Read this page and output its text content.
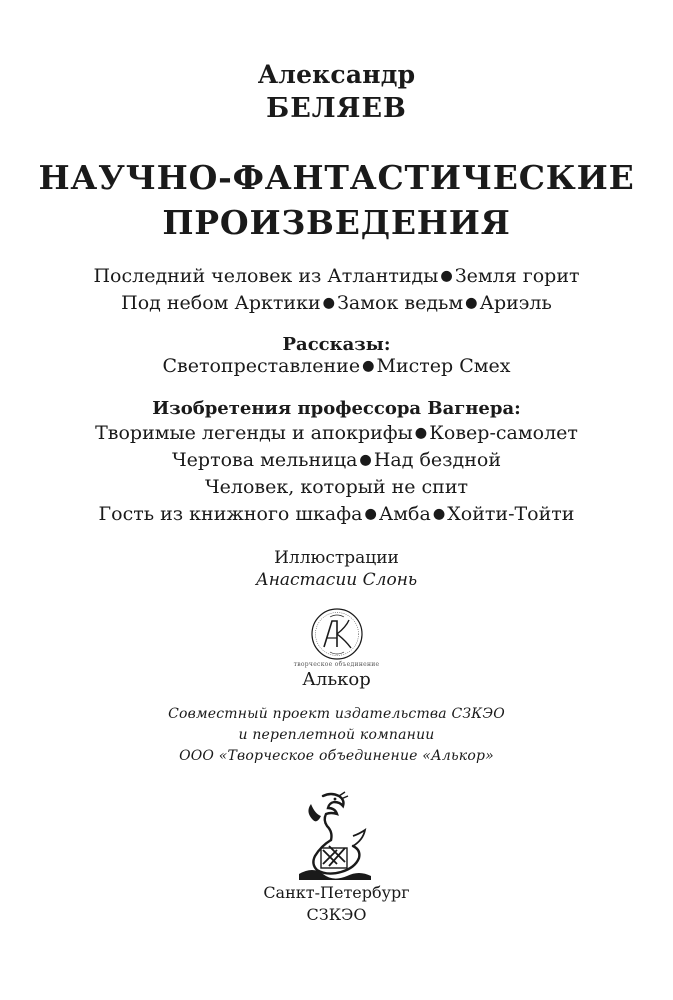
Александр
БЕЛЯЕВ
НАУЧНО-ФАНТАСТИЧЕСКИЕ
ПРОИЗВЕДЕНИЯ
Последний человек из Атлантиды●Земля горит
Под небом Арктики●Замок ведьм●Ариэль
Рассказы:
Светопреставление●Мистер Смех
Изобретения профессора Вагнера:
Творимые легенды и апокрифы●Ковер-самолет
Чертова мельница●Над бездной
Человек, который не спит
Гость из книжного шкафа●Амба●Хойти-Тойти
Иллюстрации
Анастасии Слонь
творческое объединение
Алькор
Совместный проект издательства СЗКЭО
и переплетной компании
ООО «Творческое объединение «Алькор»
Санкт-Петербург
СЗКЭО
